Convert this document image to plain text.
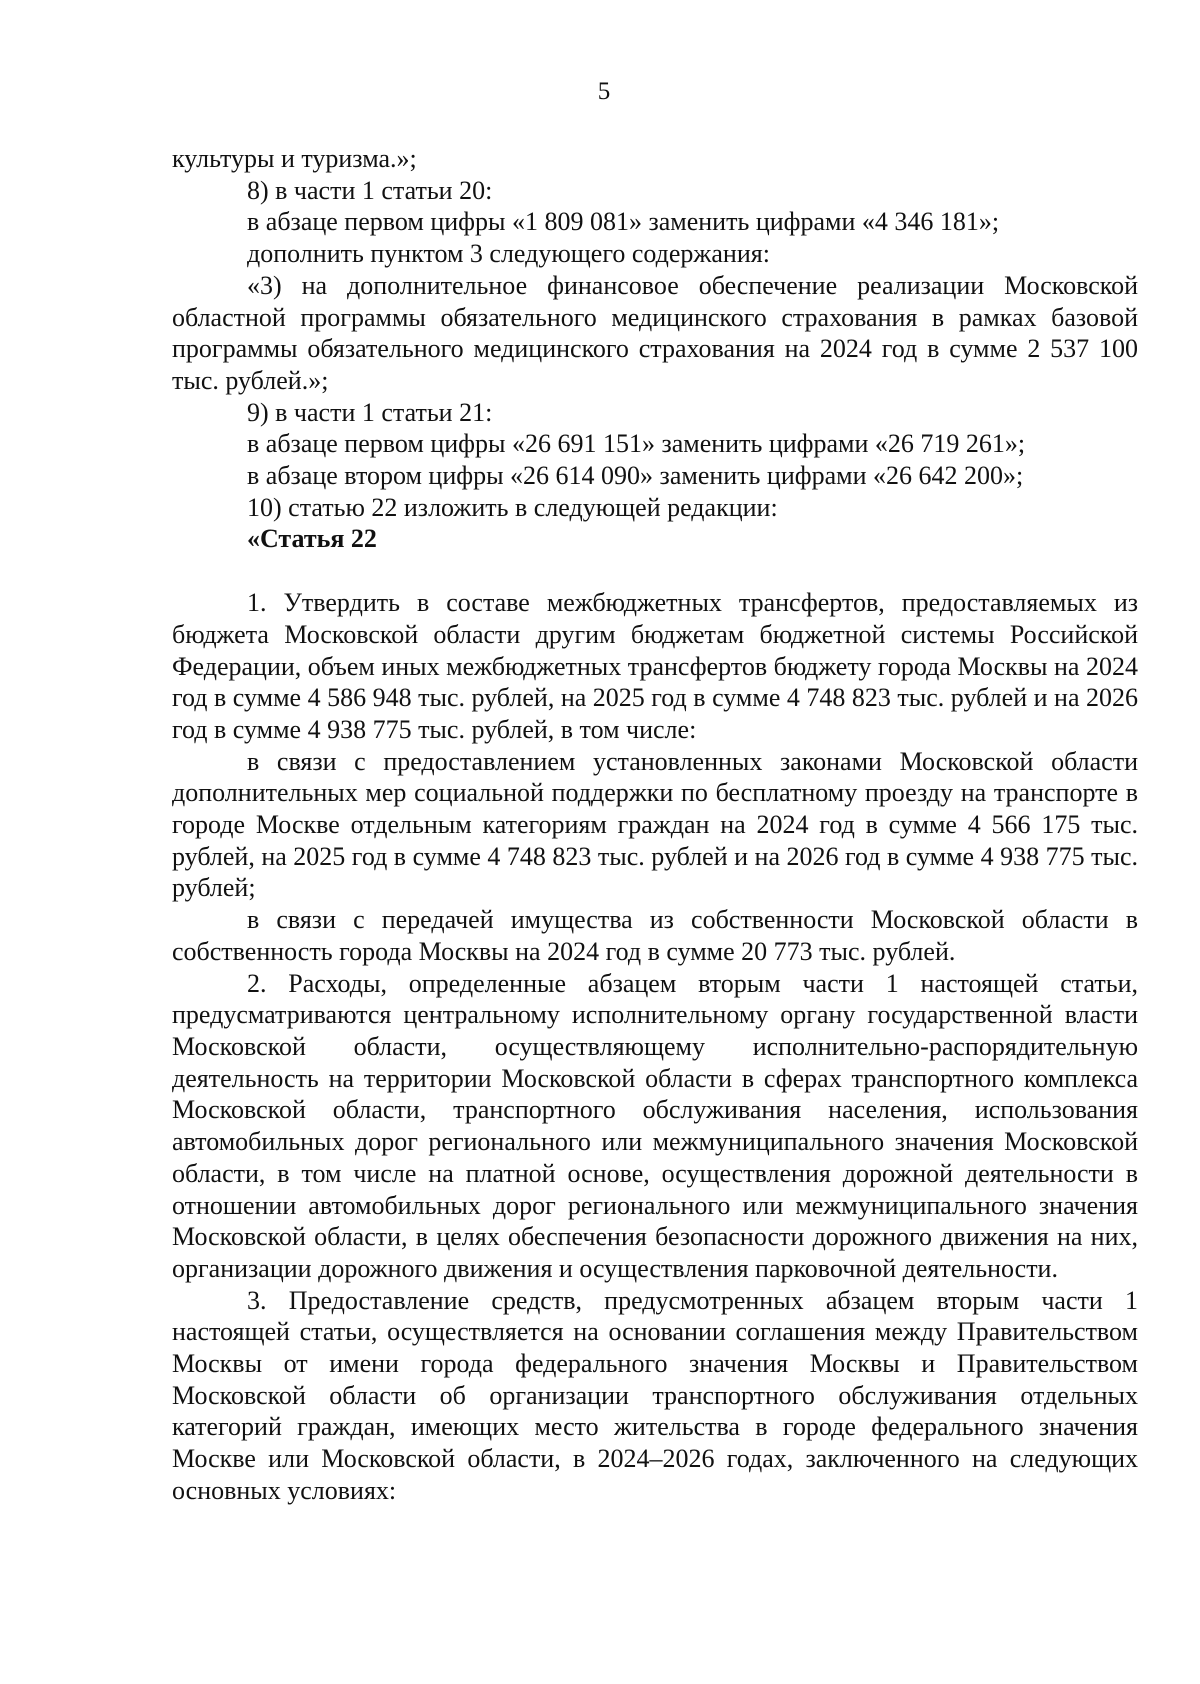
5

культуры и туризма.»;

8) в части 1 статьи 20:

в абзаце первом цифры «1 809 081» заменить цифрами «4 346 181»;

дополнить пунктом 3 следующего содержания:

«3) на дополнительное финансовое обеспечение реализации Московской областной программы обязательного медицинского страхования в рамках базовой программы обязательного медицинского страхования на 2024 год в сумме 2 537 100 тыс. рублей.»;

9) в части 1 статьи 21:

в абзаце первом цифры «26 691 151» заменить цифрами «26 719 261»;

в абзаце втором цифры «26 614 090» заменить цифрами «26 642 200»;

10) статью 22 изложить в следующей редакции:

«Статья 22

1. Утвердить в составе межбюджетных трансфертов, предоставляемых из бюджета Московской области другим бюджетам бюджетной системы Российской Федерации, объем иных межбюджетных трансфертов бюджету города Москвы на 2024 год в сумме 4 586 948 тыс. рублей, на 2025 год в сумме 4 748 823 тыс. рублей и на 2026 год в сумме 4 938 775 тыс. рублей, в том числе:

в связи с предоставлением установленных законами Московской области дополнительных мер социальной поддержки по бесплатному проезду на транспорте в городе Москве отдельным категориям граждан на 2024 год в сумме 4 566 175 тыс. рублей, на 2025 год в сумме 4 748 823 тыс. рублей и на 2026 год в сумме 4 938 775 тыс. рублей;

в связи с передачей имущества из собственности Московской области в собственность города Москвы на 2024 год в сумме 20 773 тыс. рублей.

2. Расходы, определенные абзацем вторым части 1 настоящей статьи, предусматриваются центральному исполнительному органу государственной власти Московской области, осуществляющему исполнительно-распорядительную деятельность на территории Московской области в сферах транспортного комплекса Московской области, транспортного обслуживания населения, использования автомобильных дорог регионального или межмуниципального значения Московской области, в том числе на платной основе, осуществления дорожной деятельности в отношении автомобильных дорог регионального или межмуниципального значения Московской области, в целях обеспечения безопасности дорожного движения на них, организации дорожного движения и осуществления парковочной деятельности.

3. Предоставление средств, предусмотренных абзацем вторым части 1 настоящей статьи, осуществляется на основании соглашения между Правительством Москвы от имени города федерального значения Москвы и Правительством Московской области об организации транспортного обслуживания отдельных категорий граждан, имеющих место жительства в городе федерального значения Москве или Московской области, в 2024–2026 годах, заключенного на следующих основных условиях:
